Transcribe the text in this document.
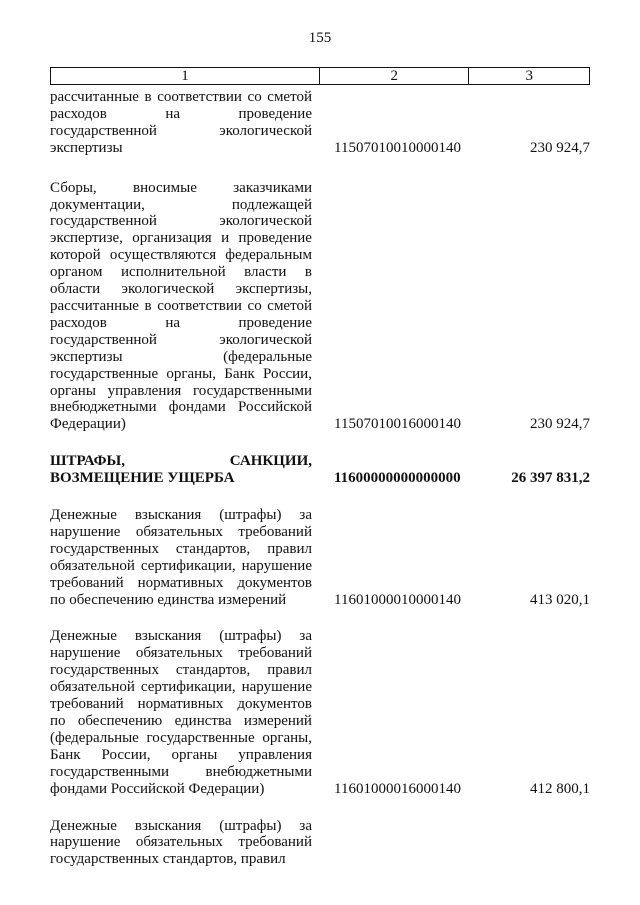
155
1	2	3
рассчитанные в соответствии со сметой
расходов	на	проведение
государственной	экологической
экспертизы	11507010010000140	230 924,7
Сборы, вносимые заказчиками
документации,	подлежащей
государственной	экологической
экспертизе, организация и проведение
которой осуществляются федеральным
органом исполнительной власти в
области экологической экспертизы,
рассчитанные в соответствии со сметой
расходов	на	проведение
государственной	экологической
экспертизы	(федеральные
государственные органы, Банк России,
органы управления государственными
внебюджетными фондами Российской
Федерации)	11507010016000140	230 924,7
ШТРАФЫ,	САНКЦИИ,
ВОЗМЕЩЕНИЕ УЩЕРБА	11600000000000000	26 397 831,2
Денежные взыскания (штрафы) за
нарушение обязательных требований
государственных стандартов, правил
обязательной сертификации, нарушение
требований нормативных документов
по обеспечению единства измерений	11601000010000140	413 020,1
Денежные взыскания (штрафы) за
нарушение обязательных требований
государственных стандартов, правил
обязательной сертификации, нарушение
требований нормативных документов
по обеспечению единства измерений
(федеральные государственные органы,
Банк России, органы управления
государственными внебюджетными
фондами Российской Федерации)	11601000016000140	412 800,1
Денежные взыскания (штрафы) за
нарушение обязательных требований
государственных стандартов, правил
